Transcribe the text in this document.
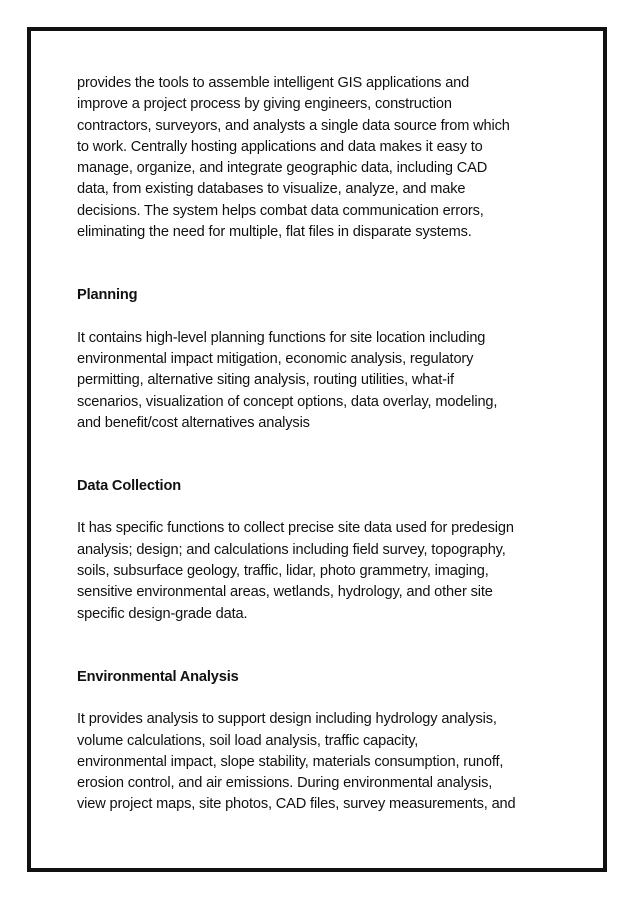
provides the tools to assemble intelligent GIS applications and
improve a project process by giving engineers, construction
contractors, surveyors, and analysts a single data source from which
to work. Centrally hosting applications and data makes it easy to
manage, organize, and integrate geographic data, including CAD
data, from existing databases to visualize, analyze, and make
decisions. The system helps combat data communication errors,
eliminating the need for multiple, flat files in disparate systems.

Planning

It contains high-level planning functions for site location including
environmental impact mitigation, economic analysis, regulatory
permitting, alternative siting analysis, routing utilities, what-if
scenarios, visualization of concept options, data overlay, modeling,
and benefit/cost alternatives analysis

Data Collection

It has specific functions to collect precise site data used for predesign
analysis; design; and calculations including field survey, topography,
soils, subsurface geology, traffic, lidar, photo grammetry, imaging,
sensitive environmental areas, wetlands, hydrology, and other site
specific design-grade data.

Environmental Analysis

It provides analysis to support design including hydrology analysis,
volume calculations, soil load analysis, traffic capacity,
environmental impact, slope stability, materials consumption, runoff,
erosion control, and air emissions. During environmental analysis,
view project maps, site photos, CAD files, survey measurements, and
